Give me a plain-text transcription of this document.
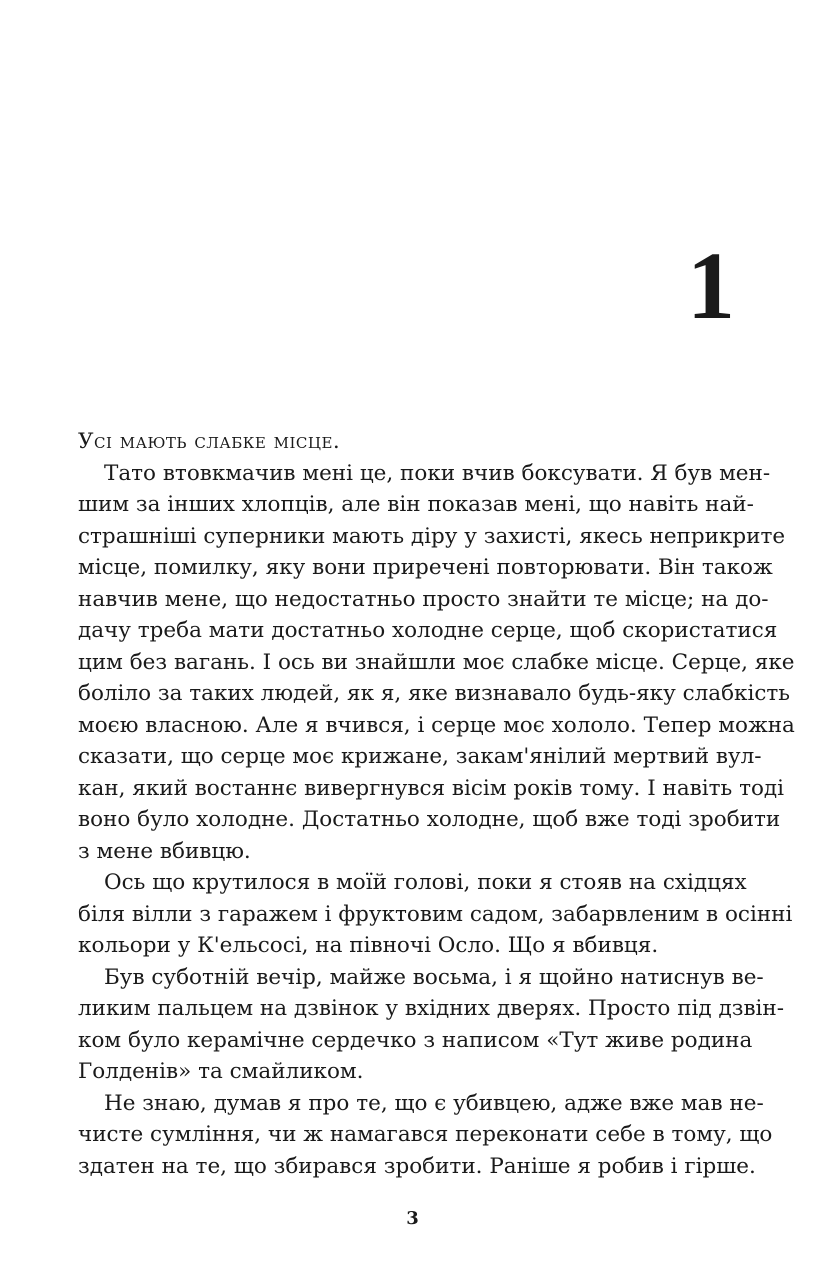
1
Усі мають слабке місце.
Тато втовкмачив мені це, поки вчив боксувати. Я був мен-
шим за інших хлопців, але він показав мені, що навіть най-
страшніші суперники мають діру у захисті, якесь неприкрите
місце, помилку, яку вони приречені повторювати. Він також
навчив мене, що недостатньо просто знайти те місце; на до-
дачу треба мати достатньо холодне серце, щоб скористатися
цим без вагань. І ось ви знайшли моє слабке місце. Серце, яке
боліло за таких людей, як я, яке визнавало будь-яку слабкість
моєю власною. Але я вчився, і серце моє хололо. Тепер можна
сказати, що серце моє крижане, закам'янілий мертвий вул-
кан, який востаннє вивергнувся вісім років тому. І навіть тоді
воно було холодне. Достатньо холодне, щоб вже тоді зробити
з мене вбивцю.
Ось що крутилося в моїй голові, поки я стояв на східцях
біля вілли з гаражем і фруктовим садом, забарвленим в осінні
кольори у К'ельсосі, на півночі Осло. Що я вбивця.
Був суботній вечір, майже восьма, і я щойно натиснув ве-
ликим пальцем на дзвінок у вхідних дверях. Просто під дзвін-
ком було керамічне сердечко з написом «Тут живе родина
Голденів» та смайликом.
Не знаю, думав я про те, що є убивцею, адже вже мав не-
чисте сумління, чи ж намагався переконати себе в тому, що
здатен на те, що збирався зробити. Раніше я робив і гірше.
3
